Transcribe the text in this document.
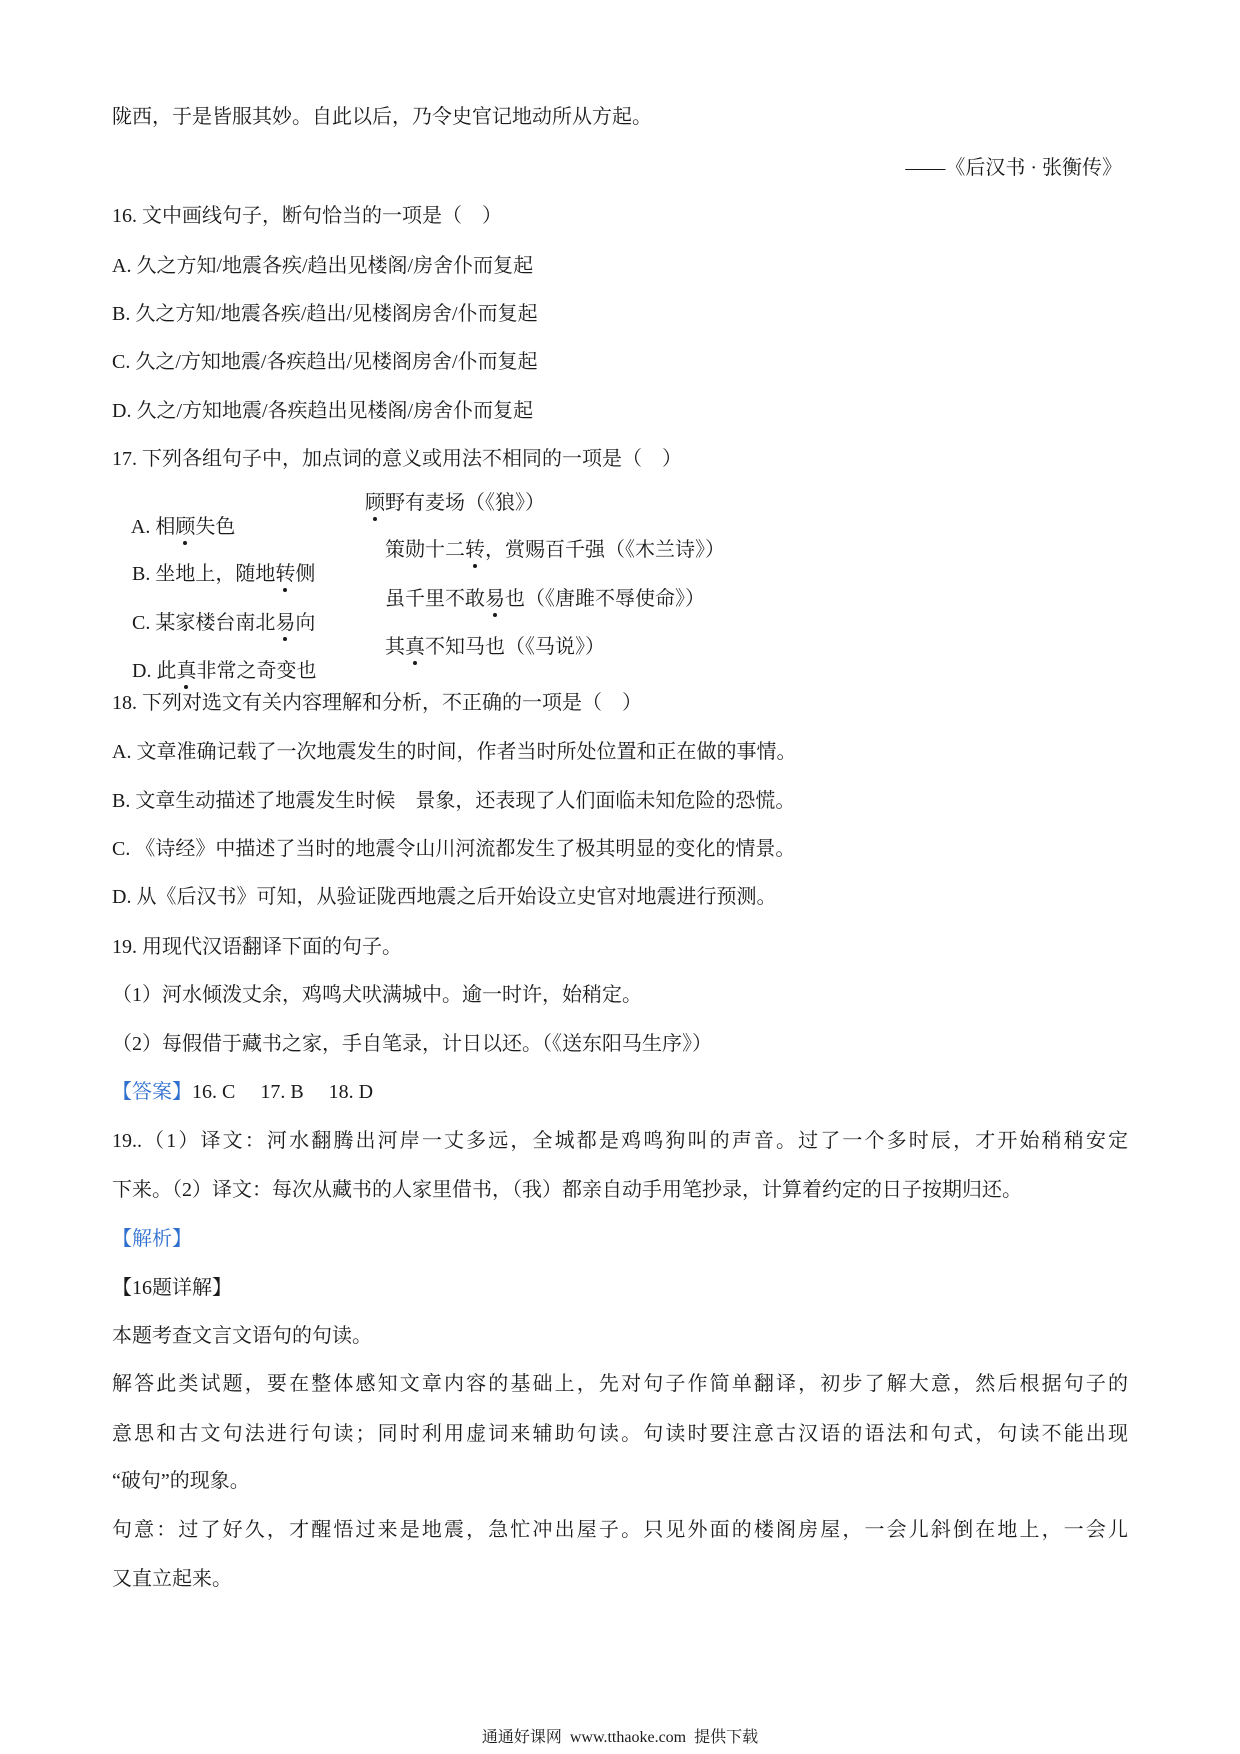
陇西，于是皆服其妙。自此以后，乃令史官记地动所从方起。
——《后汉书 · 张衡传》
16. 文中画线句子，断句恰当的一项是（    ）
A. 久之方知/地震各疾/趋出见楼阁/房舍仆而复起
B. 久之方知/地震各疾/趋出/见楼阁房舍/仆而复起
C. 久之/方知地震/各疾趋出/见楼阁房舍/仆而复起
D. 久之/方知地震/各疾趋出见楼阁/房舍仆而复起
17. 下列各组句子中，加点词的意义或用法不相同的一项是（    ）

A. 相顾失色

顾野有麦场（《狼》）

B. 坐地上，随地转侧

策勋十二转，赏赐百千强（《木兰诗》）

C. 某家楼台南北易向

虽千里不敢易也（《唐雎不辱使命》）

D. 此真非常之奇变也

其真不知马也（《马说》）

18. 下列对选文有关内容理解和分析，不正确的一项是（    ）
A. 文章准确记载了一次地震发生的时间，作者当时所处位置和正在做的事情。
B. 文章生动描述了地震发生时候    景象，还表现了人们面临未知危险的恐慌。
C. 《诗经》中描述了当时的地震令山川河流都发生了极其明显的变化的情景。
D. 从《后汉书》可知，从验证陇西地震之后开始设立史官对地震进行预测。
19. 用现代汉语翻译下面的句子。
（1）河水倾泼丈余，鸡鸣犬吠满城中。逾一时许，始稍定。
（2）每假借于藏书之家，手自笔录，计日以还。（《送东阳马生序》）
【答案】16. C     17. B     18. D
19..（1）译文：河水翻腾出河岸一丈多远，全城都是鸡鸣狗叫的声音。过了一个多时辰，才开始稍稍安定
下来。（2）译文：每次从藏书的人家里借书，（我）都亲自动手用笔抄录，计算着约定的日子按期归还。
【解析】
【16题详解】
本题考查文言文语句的句读。
解答此类试题，要在整体感知文章内容的基础上，先对句子作简单翻译，初步了解大意，然后根据句子的
意思和古文句法进行句读；同时利用虚词来辅助句读。句读时要注意古汉语的语法和句式，句读不能出现
“破句”的现象。
句意：过了好久，才醒悟过来是地震，急忙冲出屋子。只见外面的楼阁房屋，一会儿斜倒在地上，一会儿
又直立起来。
通通好课网  www.tthaoke.com  提供下载
